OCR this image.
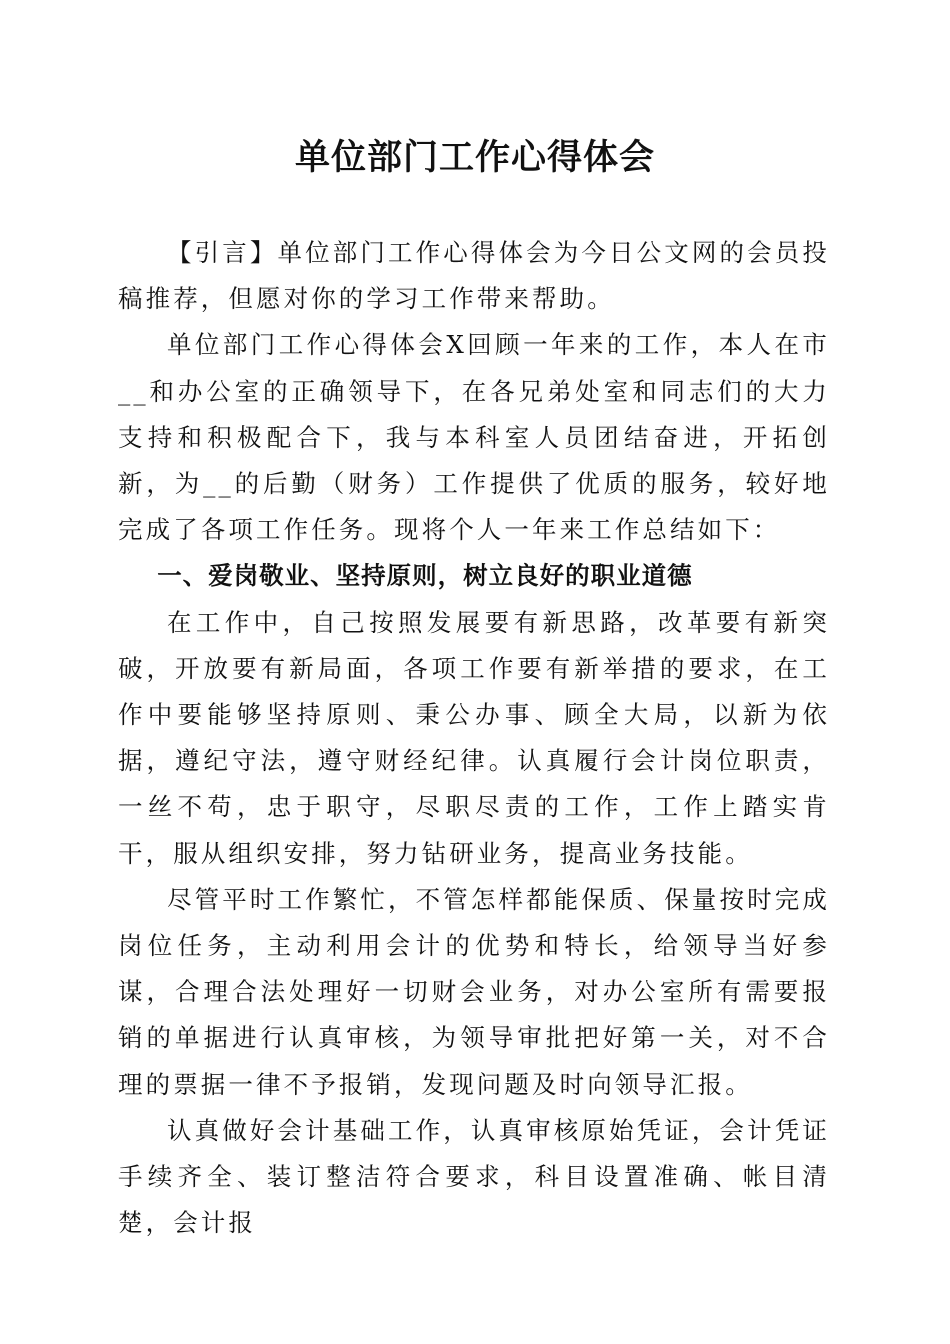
单位部门工作心得体会

【引言】单位部门工作心得体会为今日公文网的会员投稿推荐，但愿对你的学习工作带来帮助。

单位部门工作心得体会X回顾一年来的工作，本人在市__和办公室的正确领导下，在各兄弟处室和同志们的大力支持和积极配合下，我与本科室人员团结奋进，开拓创新，为__的后勤（财务）工作提供了优质的服务，较好地完成了各项工作任务。现将个人一年来工作总结如下：

一、爱岗敬业、坚持原则，树立良好的职业道德

在工作中，自己按照发展要有新思路，改革要有新突破，开放要有新局面，各项工作要有新举措的要求，在工作中要能够坚持原则、秉公办事、顾全大局，以新为依据，遵纪守法，遵守财经纪律。认真履行会计岗位职责，一丝不苟，忠于职守，尽职尽责的工作，工作上踏实肯干，服从组织安排，努力钻研业务，提高业务技能。

尽管平时工作繁忙，不管怎样都能保质、保量按时完成岗位任务，主动利用会计的优势和特长，给领导当好参谋，合理合法处理好一切财会业务，对办公室所有需要报销的单据进行认真审核，为领导审批把好第一关，对不合理的票据一律不予报销，发现问题及时向领导汇报。

认真做好会计基础工作，认真审核原始凭证，会计凭证手续齐全、装订整洁符合要求，科目设置准确、帐目清楚，会计报
